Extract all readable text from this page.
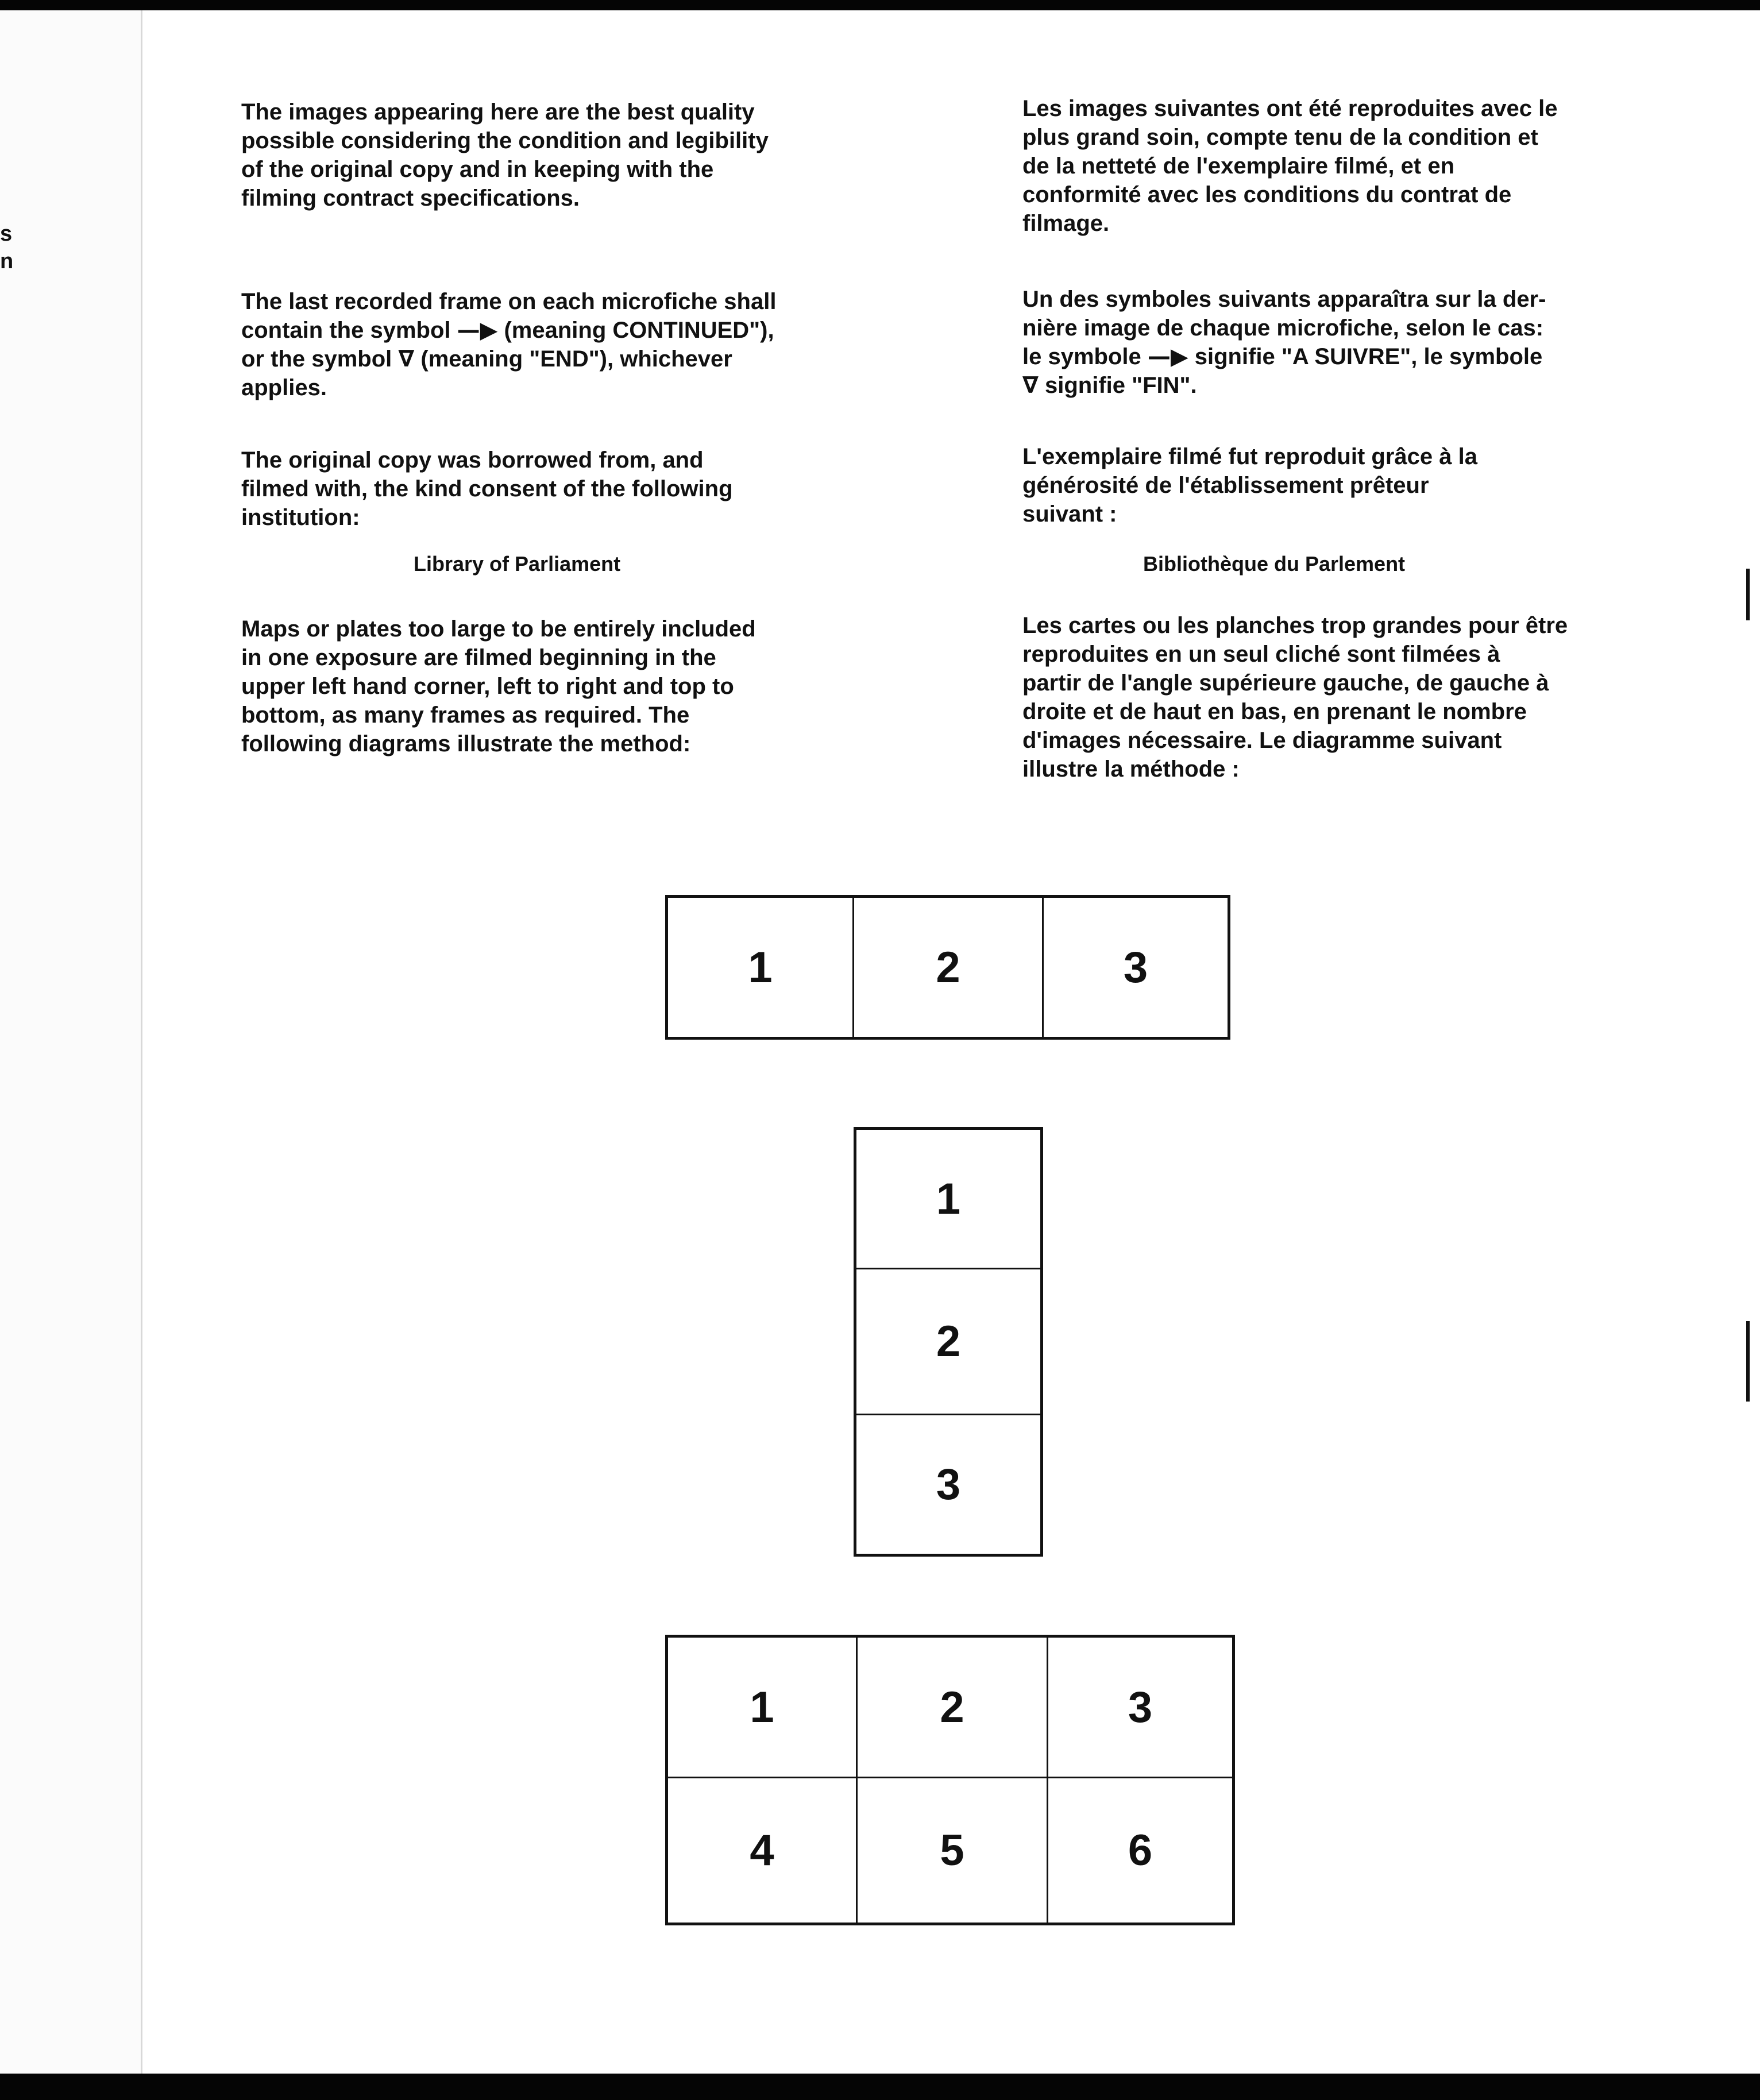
s
n

The images appearing here are the best quality
possible considering the condition and legibility
of the original copy and in keeping with the
filming contract specifications.

The last recorded frame on each microfiche shall
contain the symbol —▶ (meaning CONTINUED"),
or the symbol ∇ (meaning "END"), whichever
applies.

The original copy was borrowed from, and
filmed with, the kind consent of the following
institution:

Library of Parliament

Maps or plates too large to be entirely included
in one exposure are filmed beginning in the
upper left hand corner, left to right and top to
bottom, as many frames as required. The
following diagrams illustrate the method:

Les images suivantes ont été reproduites avec le
plus grand soin, compte tenu de la condition et
de la netteté de l'exemplaire filmé, et en
conformité avec les conditions du contrat de
filmage.

Un des symboles suivants apparaîtra sur la der-
nière image de chaque microfiche, selon le cas:
le symbole —▶ signifie "A SUIVRE", le symbole
∇ signifie "FIN".

L'exemplaire filmé fut reproduit grâce à la
générosité de l'établissement prêteur
suivant :

Bibliothèque du Parlement

Les cartes ou les planches trop grandes pour être
reproduites en un seul cliché sont filmées à
partir de l'angle supérieure gauche, de gauche à
droite et de haut en bas, en prenant le nombre
d'images nécessaire. Le diagramme suivant
illustre la méthode :

1	2	3
1
2
3
1	2	3
4	5	6
